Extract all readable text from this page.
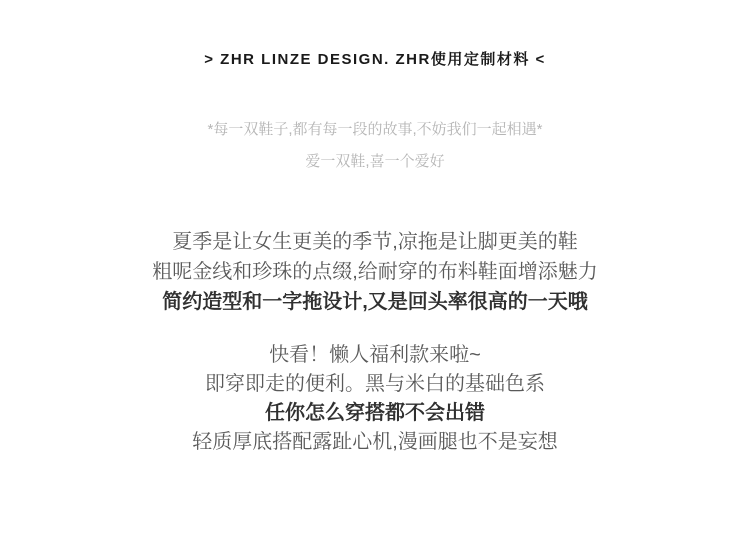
> ZHR LINZE DESIGN. ZHR使用定制材料 <

*每一双鞋子,都有每一段的故事,不妨我们一起相遇*

爱一双鞋,喜一个爱好

夏季是让女生更美的季节,凉拖是让脚更美的鞋

粗呢金线和珍珠的点缀,给耐穿的布料鞋面增添魅力

简约造型和一字拖设计,又是回头率很高的一天哦

快看！懒人福利款来啦~

即穿即走的便利。黑与米白的基础色系

任你怎么穿搭都不会出错

轻质厚底搭配露趾心机,漫画腿也不是妄想
